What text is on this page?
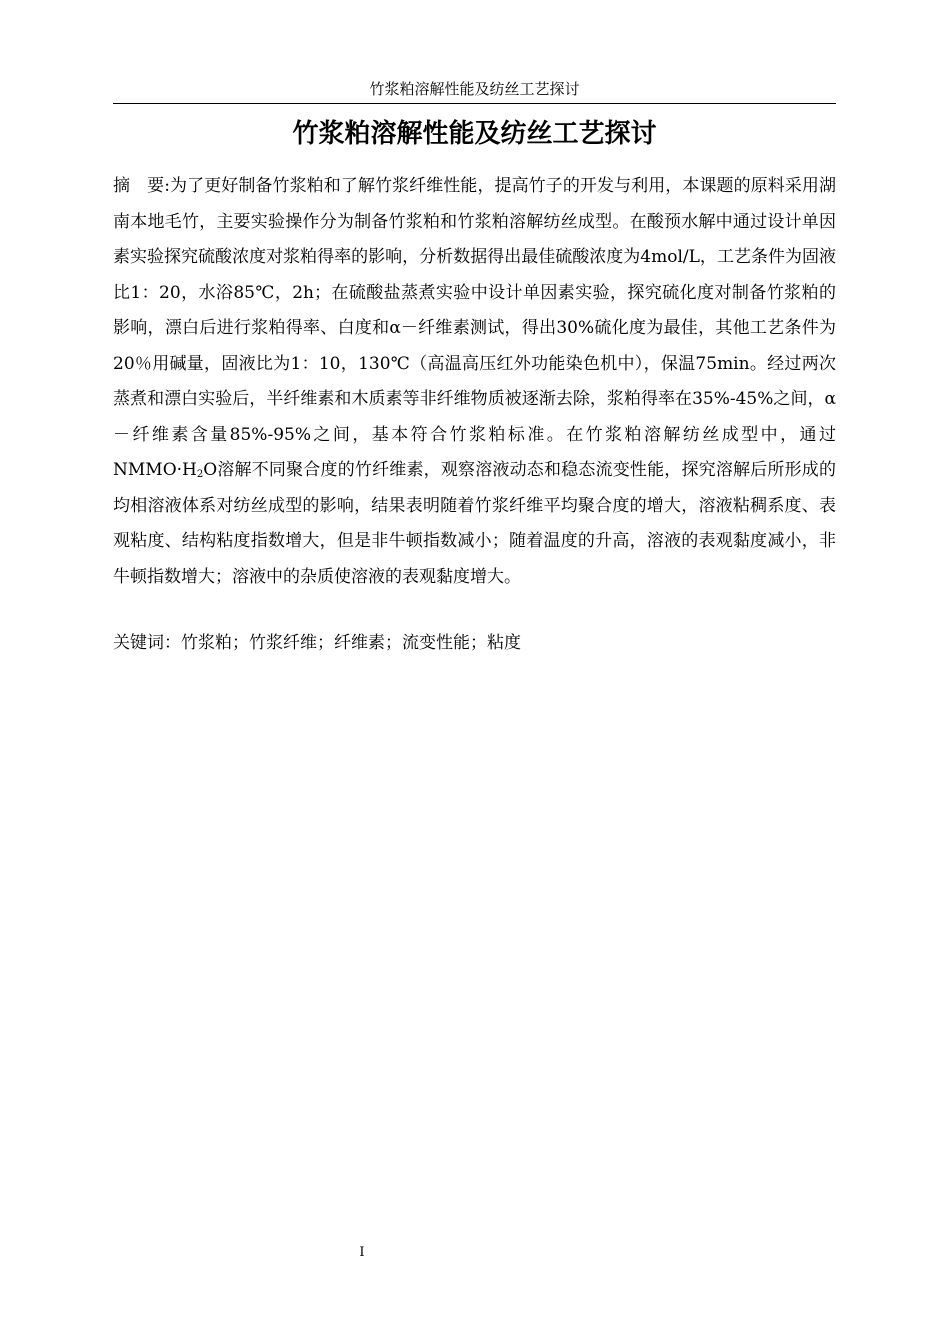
竹浆粕溶解性能及纺丝工艺探讨
竹浆粕溶解性能及纺丝工艺探讨

摘　要:为了更好制备竹浆粕和了解竹浆纤维性能，提高竹子的开发与利用，本课题的原料采用湖南本地毛竹，主要实验操作分为制备竹浆粕和竹浆粕溶解纺丝成型。在酸预水解中通过设计单因素实验探究硫酸浓度对浆粕得率的影响，分析数据得出最佳硫酸浓度为4mol/L，工艺条件为固液比1：20，水浴85℃，2h；在硫酸盐蒸煮实验中设计单因素实验，探究硫化度对制备竹浆粕的影响，漂白后进行浆粕得率、白度和α－纤维素测试，得出30%硫化度为最佳，其他工艺条件为20％用碱量，固液比为1：10，130℃（高温高压红外功能染色机中），保温75min。经过两次蒸煮和漂白实验后，半纤维素和木质素等非纤维物质被逐渐去除，浆粕得率在35%-45%之间，α－纤维素含量85%-95%之间，基本符合竹浆粕标准。在竹浆粕溶解纺丝成型中，通过$NMMO\cdot H_2O$溶解不同聚合度的竹纤维素，观察溶液动态和稳态流变性能，探究溶解后所形成的均相溶液体系对纺丝成型的影响，结果表明随着竹浆纤维平均聚合度的增大，溶液粘稠系度、表观粘度、结构粘度指数增大，但是非牛顿指数减小；随着温度的升高，溶液的表观黏度减小，非牛顿指数增大；溶液中的杂质使溶液的表观黏度增大。

关键词：竹浆粕；竹浆纤维；纤维素；流变性能；粘度

I
